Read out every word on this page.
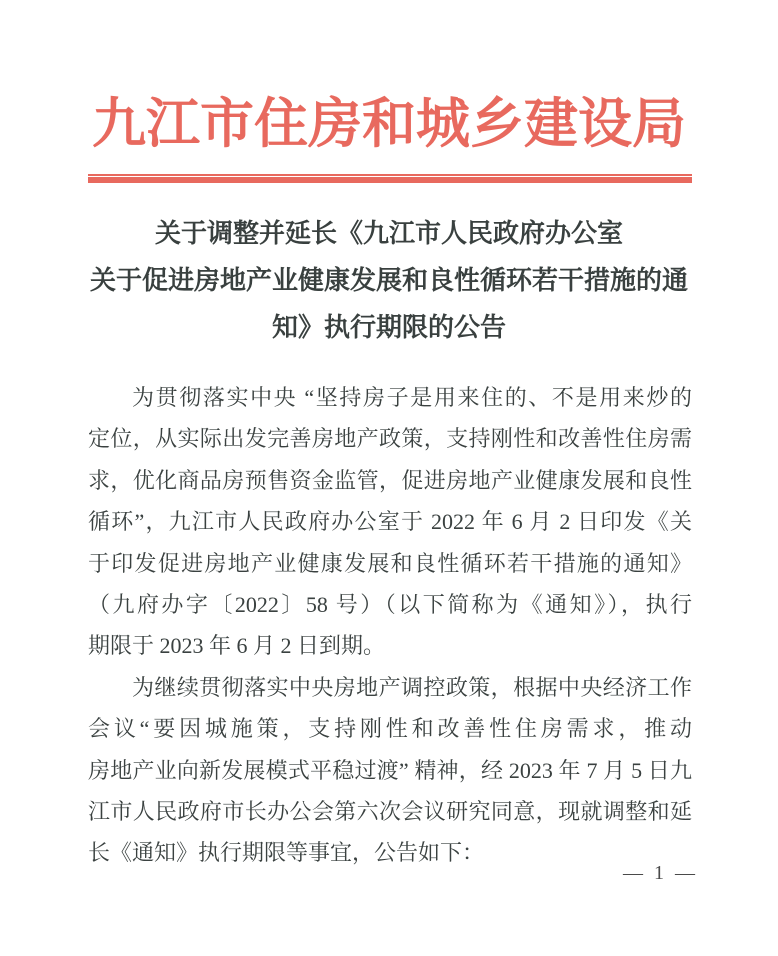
九江市住房和城乡建设局
关于调整并延长《九江市人民政府办公室
关于促进房地产业健康发展和良性循环若干措施的通
知》执行期限的公告
为贯彻落实中央 “坚持房子是用来住的、不是用来炒的
定位，从实际出发完善房地产政策，支持刚性和改善性住房需
求，优化商品房预售资金监管，促进房地产业健康发展和良性
循环”，九江市人民政府办公室于 2022 年 6 月 2 日印发《关
于印发促进房地产业健康发展和良性循环若干措施的通知》
（九府办字〔2022〕58 号）（以下简称为《通知》），执行
期限于 2023 年 6 月 2 日到期。
为继续贯彻落实中央房地产调控政策，根据中央经济工作
会议“要因城施策，支持刚性和改善性住房需求，推动
房地产业向新发展模式平稳过渡” 精神，经 2023 年 7 月 5 日九
江市人民政府市长办公会第六次会议研究同意，现就调整和延
长《通知》执行期限等事宜，公告如下：
— 1 —
